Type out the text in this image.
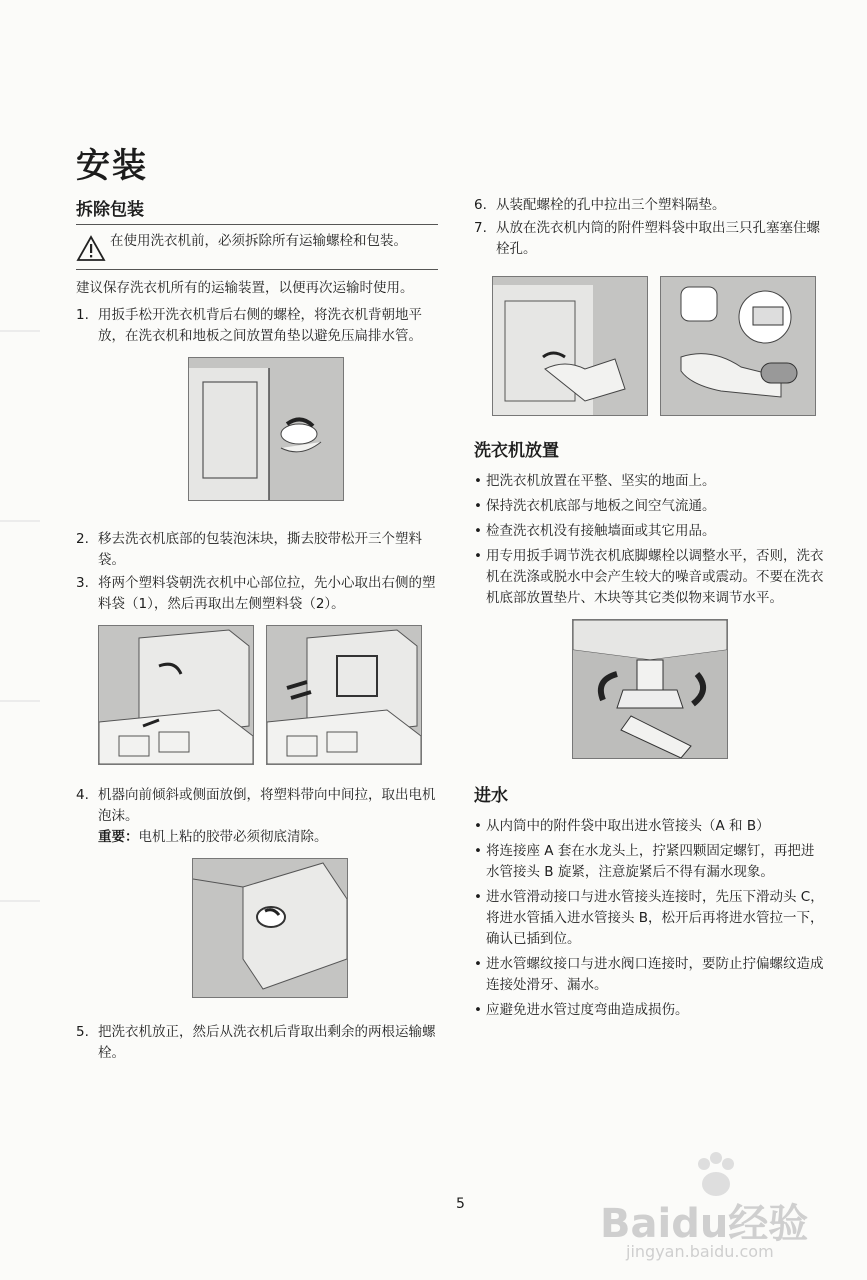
安装
拆除包装
在使用洗衣机前，必须拆除所有运输螺栓和包装。

建议保存洗衣机所有的运输装置，以便再次运输时使用。

1. 用扳手松开洗衣机背后右侧的螺栓，将洗衣机背朝地平放，在洗衣机和地板之间放置角垫以避免压扁排水管。
2. 移去洗衣机底部的包装泡沫块，撕去胶带松开三个塑料袋。
3. 将两个塑料袋朝洗衣机中心部位拉，先小心取出右侧的塑料袋（1），然后再取出左侧塑料袋（2）。
4. 机器向前倾斜或侧面放倒，将塑料带向中间拉，取出电机泡沫。
重要：电机上粘的胶带必须彻底清除。
5. 把洗衣机放正，然后从洗衣机后背取出剩余的两根运输螺栓。
6. 从装配螺栓的孔中拉出三个塑料隔垫。
7. 从放在洗衣机内筒的附件塑料袋中取出三只孔塞塞住螺栓孔。
洗衣机放置
• 把洗衣机放置在平整、坚实的地面上。
• 保持洗衣机底部与地板之间空气流通。
• 检查洗衣机没有接触墙面或其它用品。
• 用专用扳手调节洗衣机底脚螺栓以调整水平，否则，洗衣机在洗涤或脱水中会产生较大的噪音或震动。不要在洗衣机底部放置垫片、木块等其它类似物来调节水平。
进水
• 从内筒中的附件袋中取出进水管接头（A 和 B）
• 将连接座 A 套在水龙头上，拧紧四颗固定螺钉，再把进水管接头 B 旋紧，注意旋紧后不得有漏水现象。
• 进水管滑动接口与进水管接头连接时，先压下滑动头 C，将进水管插入进水管接头 B，松开后再将进水管拉一下，确认已插到位。
• 进水管螺纹接口与进水阀口连接时，要防止拧偏螺纹造成连接处滑牙、漏水。
• 应避免进水管过度弯曲造成损伤。
5	Baidu经验
jingyan.baidu.com
